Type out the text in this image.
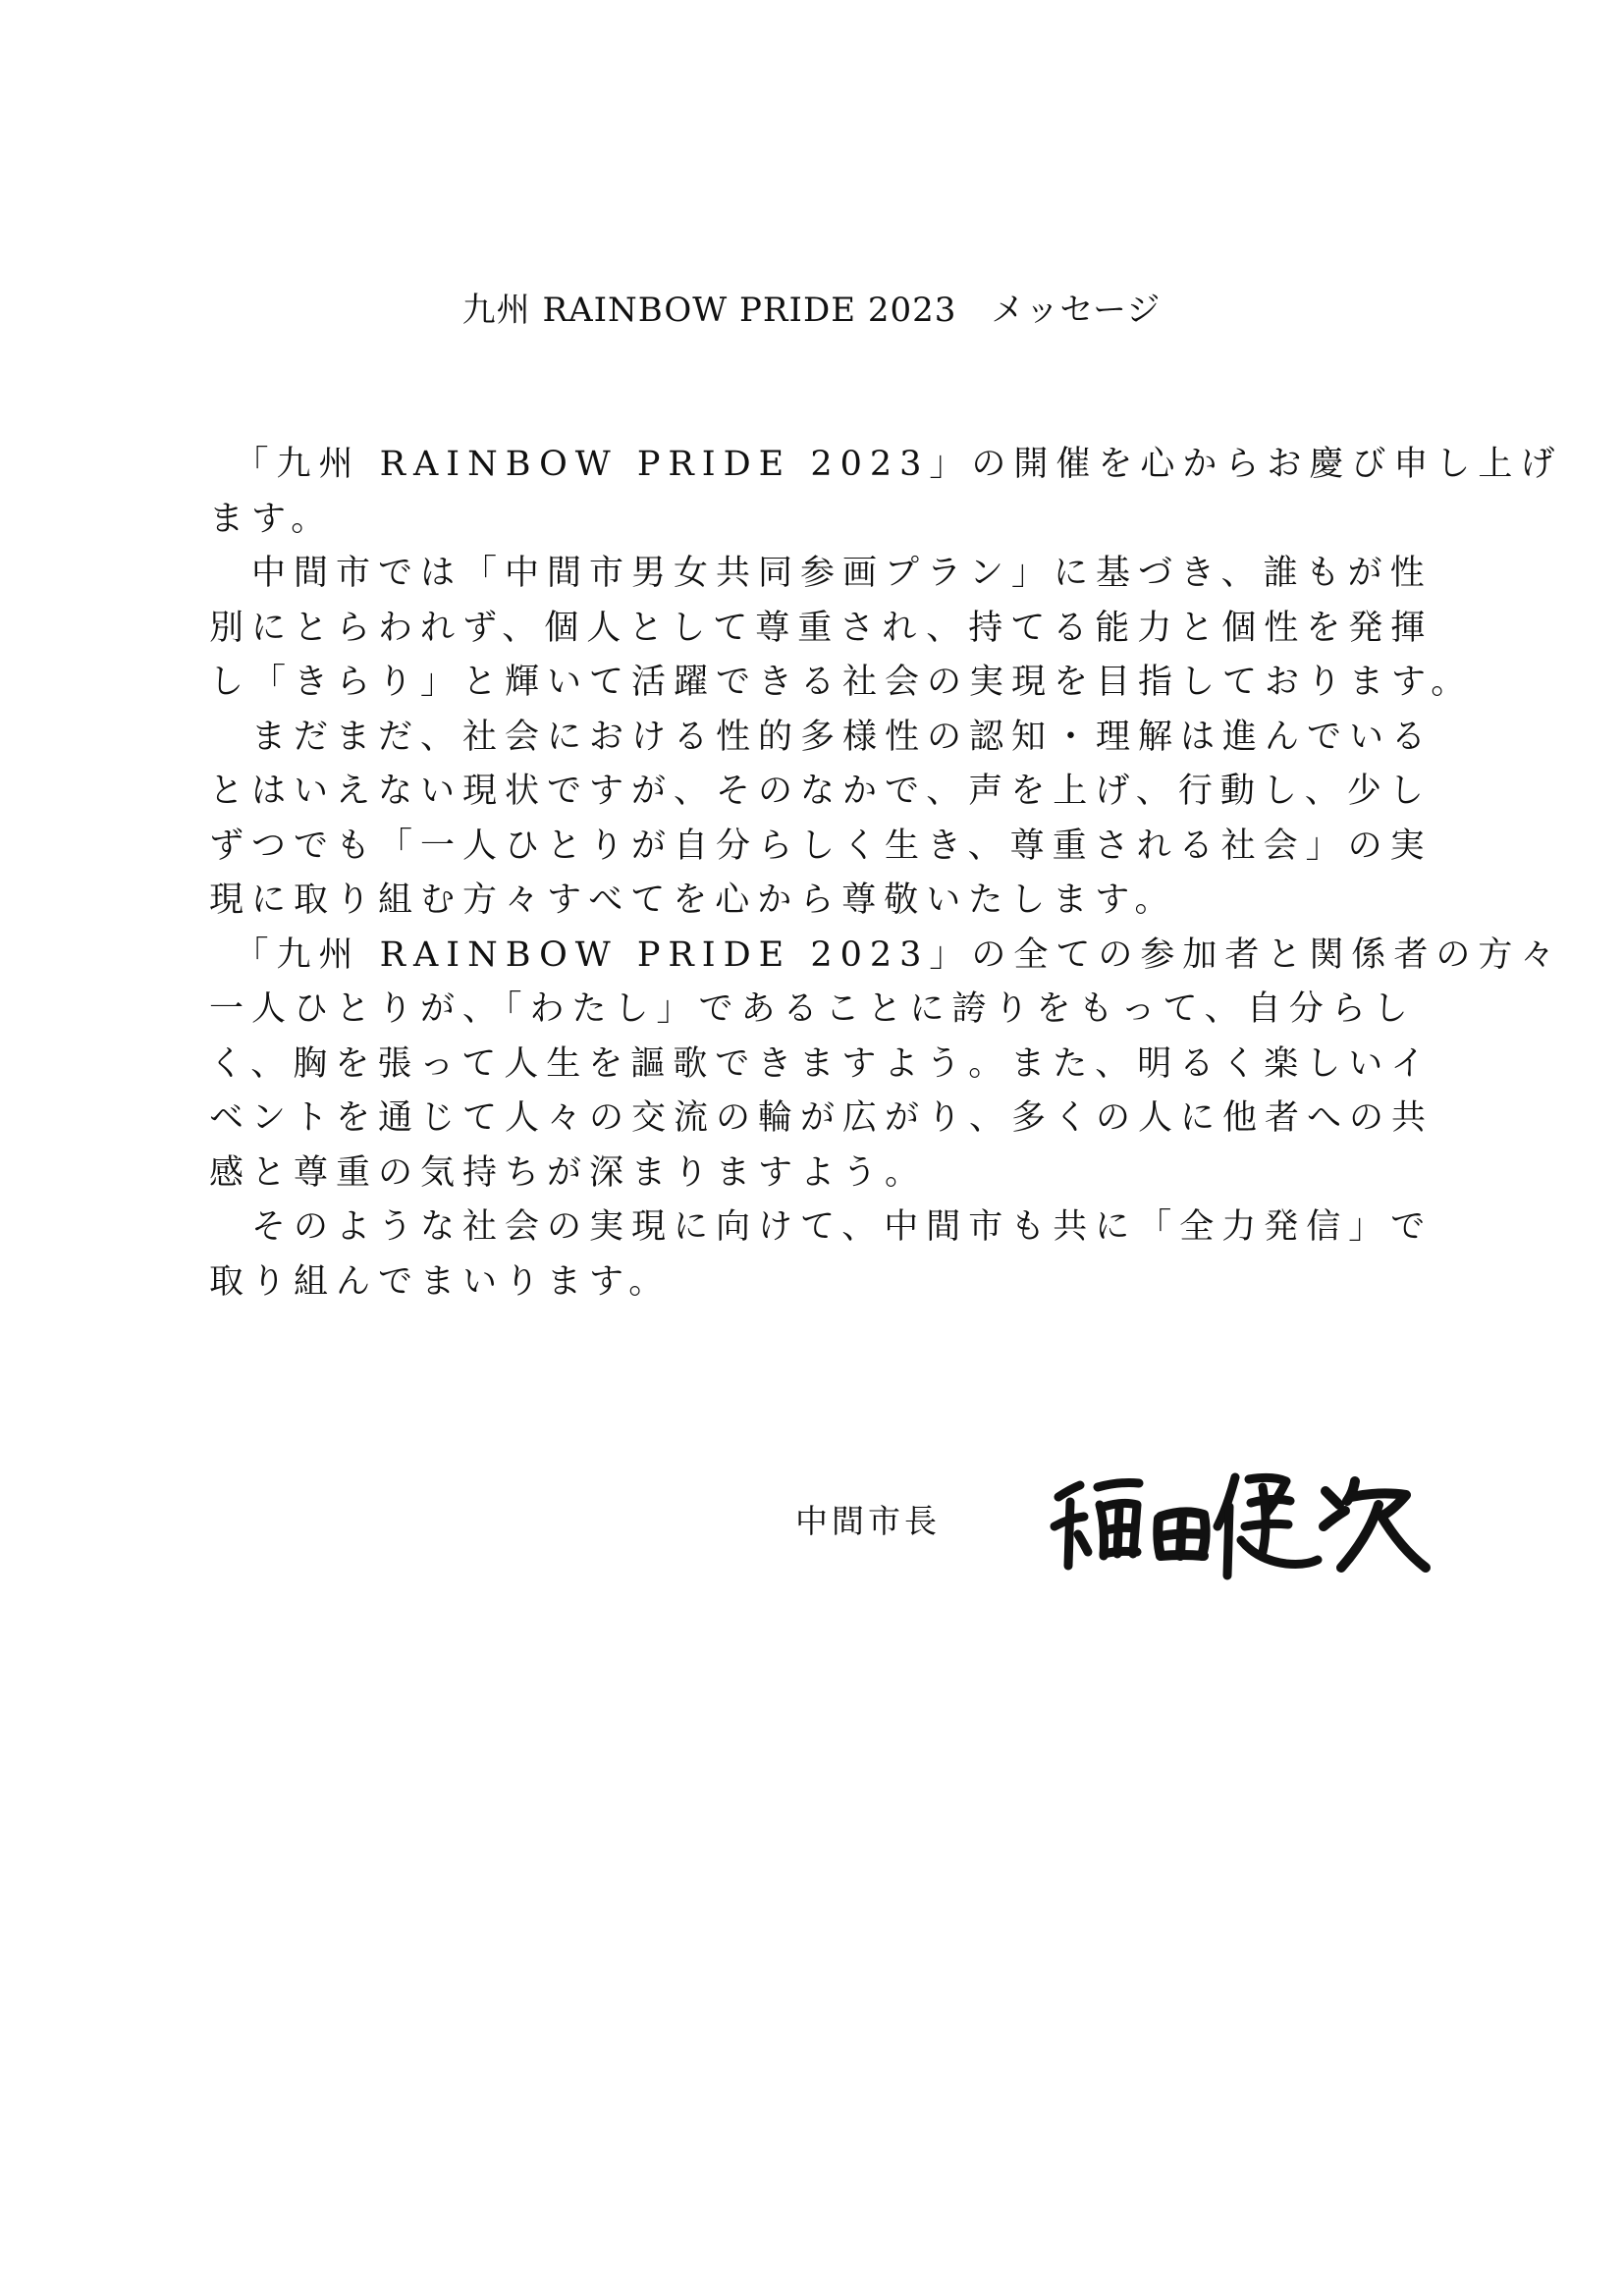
九州 RAINBOW PRIDE 2023　メッセージ
　「九州 RAINBOW PRIDE 2023」の開催を心からお慶び申し上げ
ます。
　中間市では「中間市男女共同参画プラン」に基づき、誰もが性
別にとらわれず、個人として尊重され、持てる能力と個性を発揮
し「きらり」と輝いて活躍できる社会の実現を目指しております。
　まだまだ、社会における性的多様性の認知・理解は進んでいる
とはいえない現状ですが、そのなかで、声を上げ、行動し、少し
ずつでも「一人ひとりが自分らしく生き、尊重される社会」の実
現に取り組む方々すべてを心から尊敬いたします。
　「九州 RAINBOW PRIDE 2023」の全ての参加者と関係者の方々
一人ひとりが、「わたし」であることに誇りをもって、自分らし
く、胸を張って人生を謳歌できますよう。また、明るく楽しいイ
ベントを通じて人々の交流の輪が広がり、多くの人に他者への共
感と尊重の気持ちが深まりますよう。
　そのような社会の実現に向けて、中間市も共に「全力発信」で
取り組んでまいります。
中間市長
